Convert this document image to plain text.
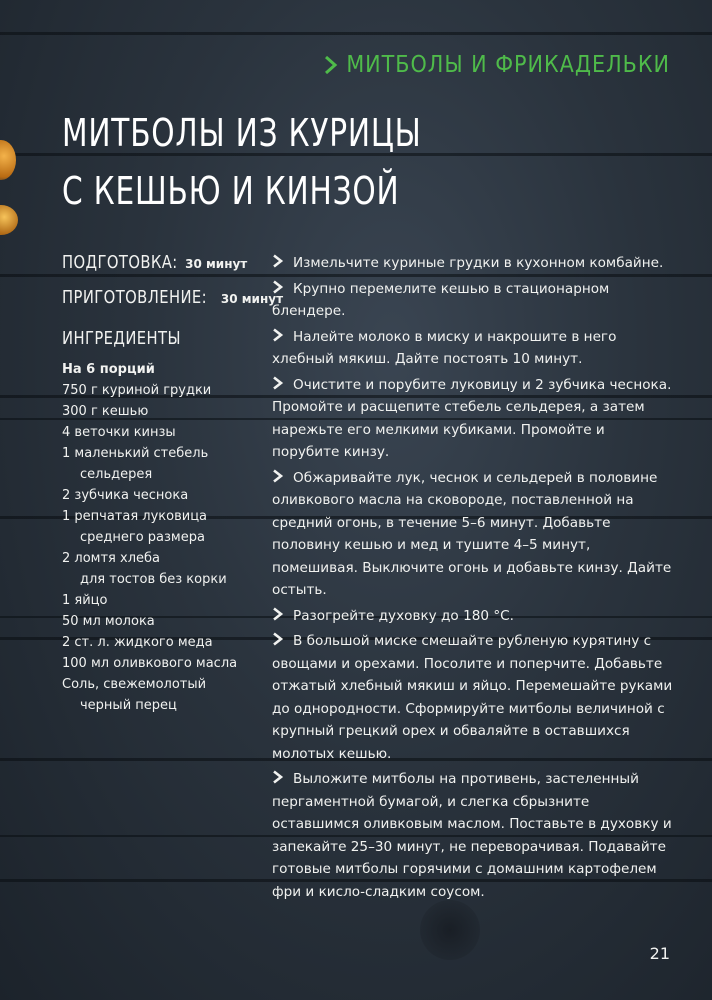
МИТБОЛЫ И ФРИКАДЕЛЬКИ
МИТБОЛЫ ИЗ КУРИЦЫ
С КЕШЬЮ И КИНЗОЙ
ПОДГОТОВКА: 30 минут
ПРИГОТОВЛЕНИЕ: 30 минут
ИНГРЕДИЕНТЫ
На 6 порций
750 г куриной грудки
300 г кешью
4 веточки кинзы
1 маленький стебель
сельдерея
2 зубчика чеснока
1 репчатая луковица
среднего размера
2 ломтя хлеба
для тостов без корки
1 яйцо
50 мл молока
2 ст. л. жидкого меда
100 мл оливкового масла
Соль, свежемолотый
черный перец

Измельчите куриные грудки в кухонном комбайне.

Крупно перемелите кешью в стационарном блендере.

Налейте молоко в миску и накрошите в него хлебный мякиш. Дайте постоять 10 минут.

Очистите и порубите луковицу и 2 зубчика чеснока. Промойте и расщепите стебель сельдерея, а затем нарежьте его мелкими кубиками. Промойте и порубите кинзу.

Обжаривайте лук, чеснок и сельдерей в половине оливкового масла на сковороде, поставленной на средний огонь, в течение 5–6 минут. Добавьте половину кешью и мед и тушите 4–5 минут, помешивая. Выключите огонь и добавьте кинзу. Дайте остыть.

Разогрейте духовку до 180 °C.

В большой миске смешайте рубленую курятину с овощами и орехами. Посолите и поперчите. Добавьте отжатый хлебный мякиш и яйцо. Перемешайте руками до однородности. Сформируйте митболы величиной с крупный грецкий орех и обваляйте в оставшихся молотых кешью.

Выложите митболы на противень, застеленный пергаментной бумагой, и слегка сбрызните оставшимся оливковым маслом. Поставьте в духовку и запекайте 25–30 минут, не переворачивая. Подавайте готовые митболы горячими с домашним картофелем фри и кисло-сладким соусом.

21
